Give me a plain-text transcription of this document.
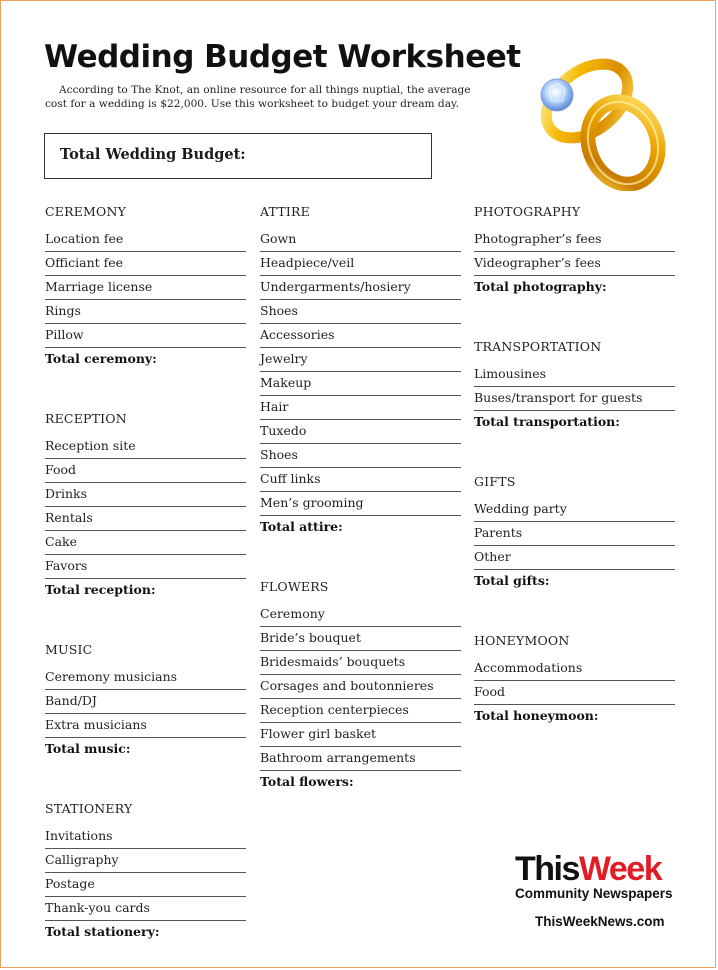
Wedding Budget Worksheet
According to The Knot, an online resource for all things nuptial, the average cost for a wedding is $22,000. Use this worksheet to budget your dream day.
Total Wedding Budget:
CEREMONY
Location fee
Officiant fee
Marriage license
Rings
Pillow
Total ceremony:
RECEPTION
Reception site
Food
Drinks
Rentals
Cake
Favors
Total reception:
MUSIC
Ceremony musicians
Band/DJ
Extra musicians
Total music:
STATIONERY
Invitations
Calligraphy
Postage
Thank-you cards
Total stationery:
ATTIRE
Gown
Headpiece/veil
Undergarments/hosiery
Shoes
Accessories
Jewelry
Makeup
Hair
Tuxedo
Shoes
Cuff links
Men’s grooming
Total attire:
FLOWERS
Ceremony
Bride’s bouquet
Bridesmaids’ bouquets
Corsages and boutonnieres
Reception centerpieces
Flower girl basket
Bathroom arrangements
Total flowers:
PHOTOGRAPHY
Photographer’s fees
Videographer’s fees
Total photography:
TRANSPORTATION
Limousines
Buses/transport for guests
Total transportation:
GIFTS
Wedding party
Parents
Other
Total gifts:
HONEYMOON
Accommodations
Food
Total honeymoon:
ThisWeek
Community Newspapers
ThisWeekNews.com
